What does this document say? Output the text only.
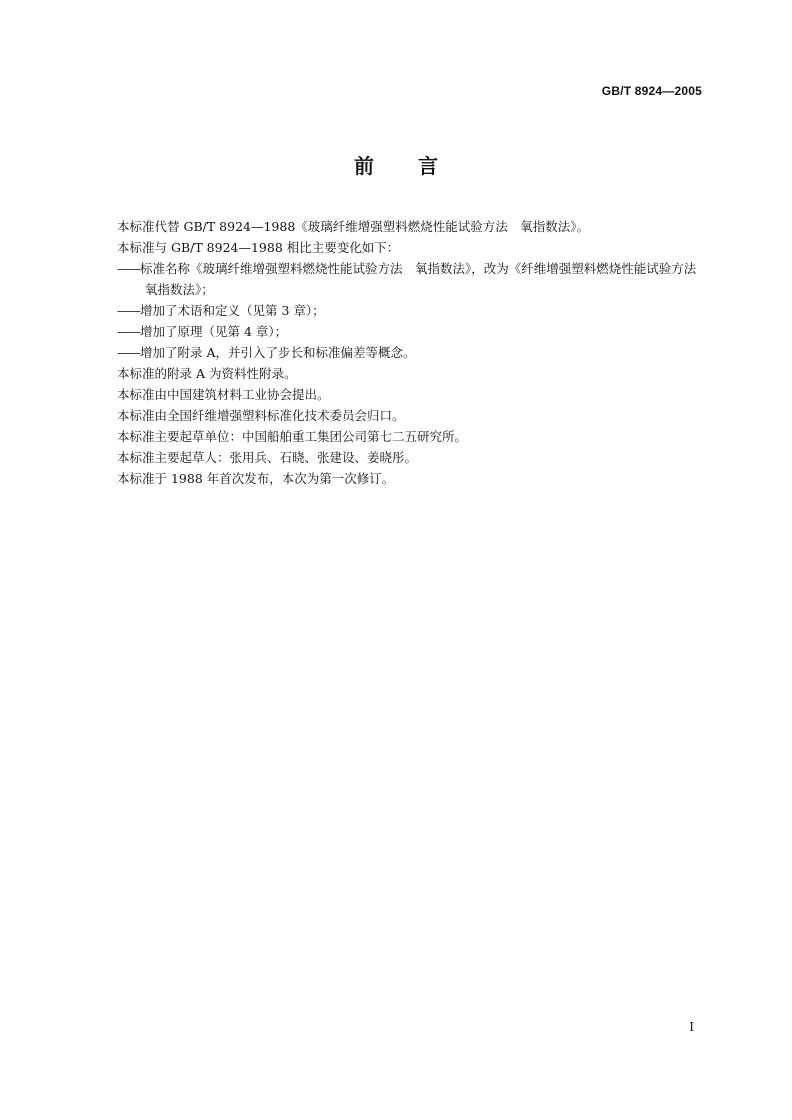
GB/T 8924—2005
前 言

本标准代替 GB/T 8924—1988《玻璃纤维增强塑料燃烧性能试验方法　氧指数法》。

本标准与 GB/T 8924—1988 相比主要变化如下：

——标准名称《玻璃纤维增强塑料燃烧性能试验方法　氧指数法》，改为《纤维增强塑料燃烧性能试验方法　氧指数法》；

——增加了术语和定义（见第 3 章）；

——增加了原理（见第 4 章）；

——增加了附录 A，并引入了步长和标准偏差等概念。

本标准的附录 A 为资料性附录。

本标准由中国建筑材料工业协会提出。

本标准由全国纤维增强塑料标准化技术委员会归口。

本标准主要起草单位：中国船舶重工集团公司第七二五研究所。

本标准主要起草人：张用兵、石晓、张建设、姜晓彤。

本标准于 1988 年首次发布，本次为第一次修订。

I
